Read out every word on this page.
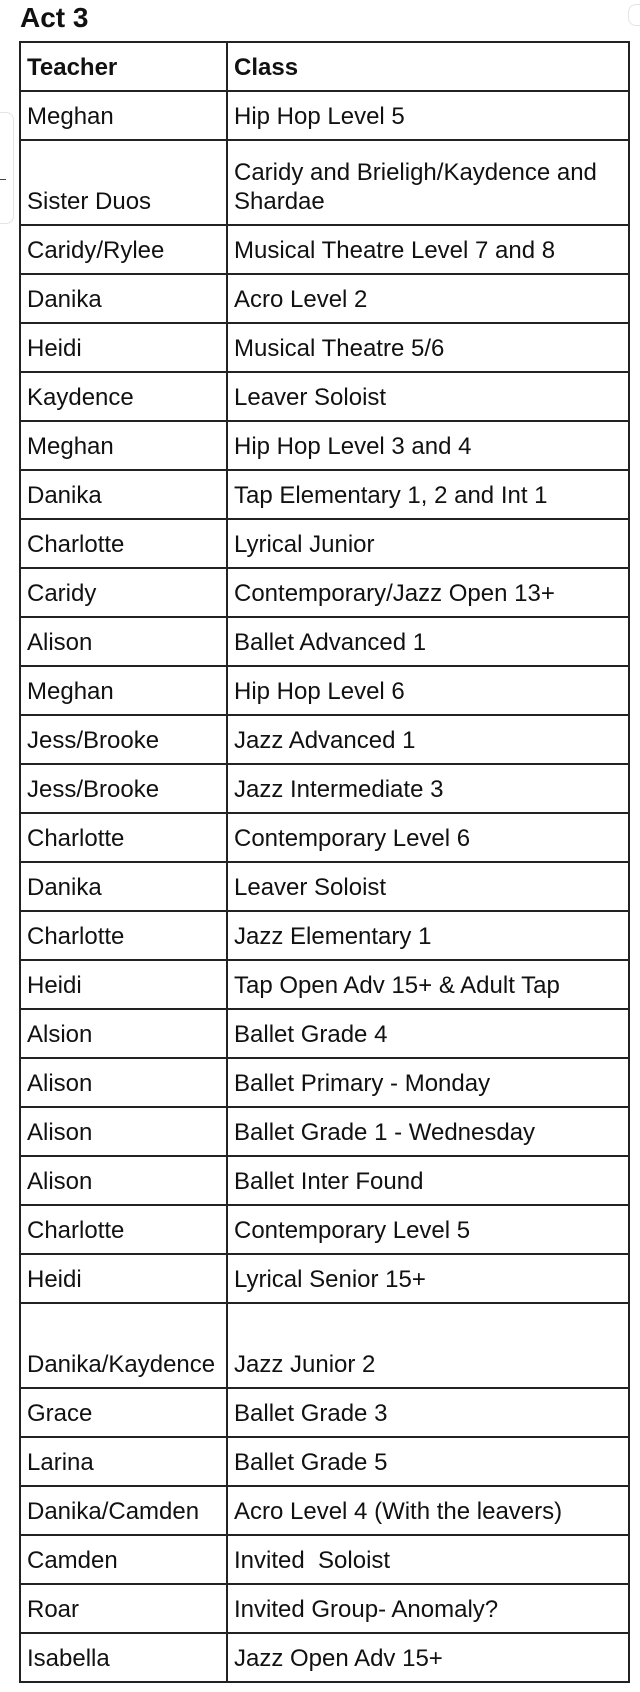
Act 3
Teacher	Class
Meghan	Hip Hop Level 5
Sister Duos	Caridy and Brieligh/Kaydence and Shardae
Caridy/Rylee	Musical Theatre Level 7 and 8
Danika	Acro Level 2
Heidi	Musical Theatre 5/6
Kaydence	Leaver Soloist
Meghan	Hip Hop Level 3 and 4
Danika	Tap Elementary 1, 2 and Int 1
Charlotte	Lyrical Junior
Caridy	Contemporary/Jazz Open 13+
Alison	Ballet Advanced 1
Meghan	Hip Hop Level 6
Jess/Brooke	Jazz Advanced 1
Jess/Brooke	Jazz Intermediate 3
Charlotte	Contemporary Level 6
Danika	Leaver Soloist
Charlotte	Jazz Elementary 1
Heidi	Tap Open Adv 15+ & Adult Tap
Alsion	Ballet Grade 4
Alison	Ballet Primary - Monday
Alison	Ballet Grade 1 - Wednesday
Alison	Ballet Inter Found
Charlotte	Contemporary Level 5
Heidi	Lyrical Senior 15+
Danika/Kaydence	Jazz Junior 2
Grace	Ballet Grade 3
Larina	Ballet Grade 5
Danika/Camden	Acro Level 4 (With the leavers)
Camden	Invited  Soloist
Roar	Invited Group- Anomaly?
Isabella	Jazz Open Adv 15+
